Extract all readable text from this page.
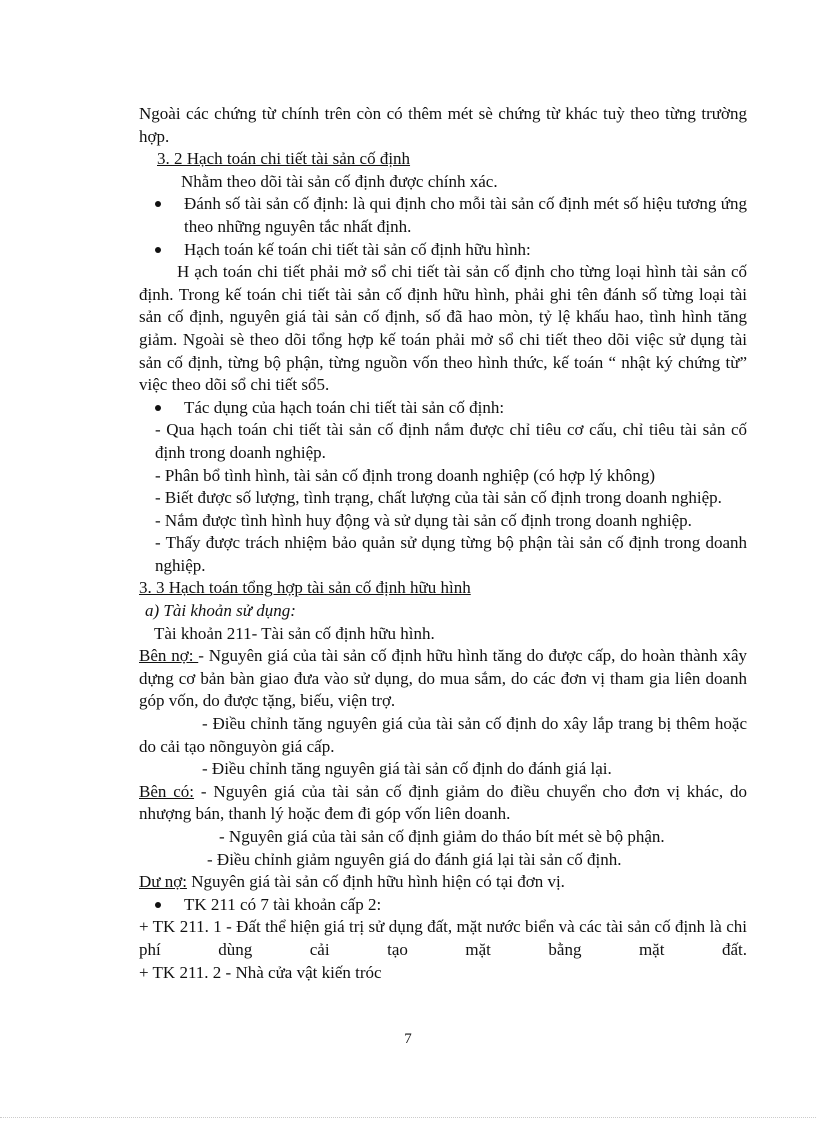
Ngoài các chứng từ chính trên còn có thêm mét sè chứng từ khác tuỳ theo từng trường hợp.

3. 2 Hạch toán chi tiết tài sản cố định

Nhằm theo dõi tài sản cố định được chính xác.

Đánh số tài sản cố định: là qui định cho mỗi tài sản cố định mét số hiệu tương ứng theo những nguyên tắc nhất định.

Hạch toán kế toán chi tiết tài sản cố định hữu hình:

H ạch toán chi tiết phải mở sổ chi tiết tài sản cố định cho từng loại hình tài sản cố định. Trong kế toán chi tiết tài sản cố định hữu hình, phải ghi tên đánh số từng loại tài sản cố định, nguyên giá tài sản cố định, số đã hao mòn, tỷ lệ khấu hao, tình hình tăng giảm. Ngoài sè theo dõi tổng hợp kế toán phải mở sổ chi tiết theo dõi việc sử dụng tài sản cố định, từng bộ phận, từng nguồn vốn theo hình thức, kế toán “ nhật ký chứng từ” việc theo dõi sổ chi tiết sổ5.

Tác dụng của hạch toán chi tiết tài sản cố định:

- Qua hạch toán chi tiết tài sản cố định nắm được chỉ tiêu cơ cấu, chỉ tiêu tài sản cố định trong doanh nghiệp.

- Phân bổ tình hình, tài sản cố định trong doanh nghiệp (có hợp lý không)

- Biết được số lượng, tình trạng, chất lượng của tài sản cố định trong doanh nghiệp.

- Nắm được tình hình huy động và sử dụng tài sản cố định trong doanh nghiệp.

- Thấy được trách nhiệm bảo quản sử dụng từng bộ phận tài sản cố định trong doanh nghiệp.

3. 3 Hạch toán tổng hợp tài sản cố định hữu hình

a) Tài khoản sử dụng:

Tài khoản 211- Tài sản cố định hữu hình.

Bên nợ: - Nguyên giá của tài sản cố định hữu hình tăng do được cấp, do hoàn thành xây dựng cơ bản bàn giao đưa vào sử dụng, do mua sắm, do các đơn vị tham gia liên doanh góp vốn, do được tặng, biếu, viện trợ.

- Điều chỉnh tăng nguyên giá của tài sản cố định do xây lắp trang bị thêm hoặc do cải tạo nõnguyòn giá cấp.

- Điều chỉnh tăng nguyên giá tài sản cố định do đánh giá lại.

Bên có: - Nguyên giá của tài sản cố định giảm do điều chuyển cho đơn vị khác, do nhượng bán, thanh lý hoặc đem đi góp vốn liên doanh.

- Nguyên giá của tài sản cố định giảm do tháo bít mét sè bộ phận.

- Điều chỉnh giảm nguyên giá do đánh giá lại tài sản cố định.

Dư nợ: Nguyên giá tài sản cố định hữu hình hiện có tại đơn vị.

TK 211 có 7 tài khoản cấp 2:

+ TK 211. 1 - Đất thể hiện giá trị sử dụng đất, mặt nước biển và các tài sản cố định là chi phí dùng cải tạo mặt bằng mặt đất.

+ TK 211. 2 - Nhà cửa vật kiến tróc

7
